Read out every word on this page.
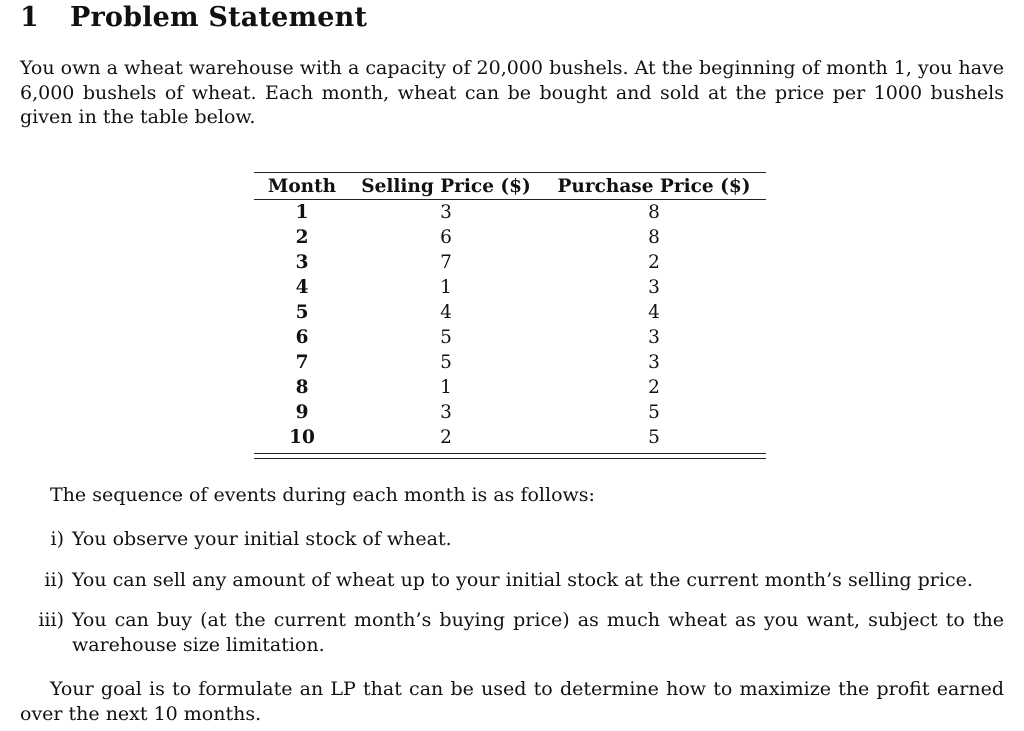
1 Problem Statement
You own a wheat warehouse with a capacity of 20,000 bushels. At the beginning of month 1, you have 6,000 bushels of wheat. Each month, wheat can be bought and sold at the price per 1000 bushels given in the table below.
Month	Selling Price ($)	Purchase Price ($)
1	3	8
2	6	8
3	7	2
4	1	3
5	4	4
6	5	3
7	5	3
8	1	2
9	3	5
10	2	5
The sequence of events during each month is as follows:
i) You observe your initial stock of wheat.
ii) You can sell any amount of wheat up to your initial stock at the current month’s selling price.
iii) You can buy (at the current month’s buying price) as much wheat as you want, subject to the warehouse size limitation.
Your goal is to formulate an LP that can be used to determine how to maximize the profit earned over the next 10 months.
